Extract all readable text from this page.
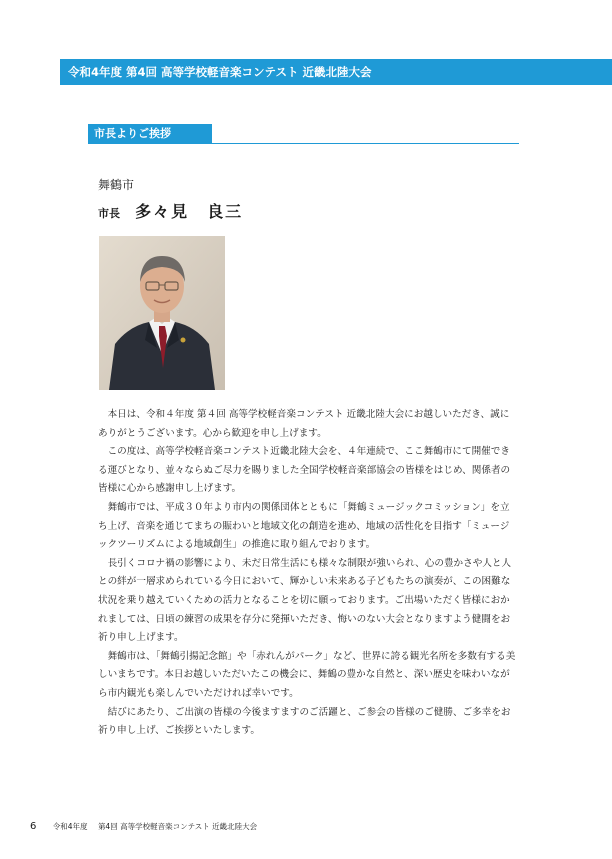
令和4年度 第4回 高等学校軽音楽コンテスト 近畿北陸大会
市長よりご挨拶
舞鶴市
市長 多々見　良三

本日は、令和４年度 第４回 高等学校軽音楽コンテスト 近畿北陸大会にお越しいただき、誠にありがとうございます。心から歓迎を申し上げます。

この度は、高等学校軽音楽コンテスト近畿北陸大会を、４年連続で、ここ舞鶴市にて開催できる運びとなり、並々ならぬご尽力を賜りました全国学校軽音楽部協会の皆様をはじめ、関係者の皆様に心から感謝申し上げます。

舞鶴市では、平成３０年より市内の関係団体とともに「舞鶴ミュージックコミッション」を立ち上げ、音楽を通じてまちの賑わいと地域文化の創造を進め、地域の活性化を目指す「ミュージックツーリズムによる地域創生」の推進に取り組んでおります。

長引くコロナ禍の影響により、未だ日常生活にも様々な制限が強いられ、心の豊かさや人と人との絆が一層求められている今日において、輝かしい未来ある子どもたちの演奏が、この困難な状況を乗り越えていくための活力となることを切に願っております。ご出場いただく皆様におかれましては、日頃の練習の成果を存分に発揮いただき、悔いのない大会となりますよう健闘をお祈り申し上げます。

舞鶴市は、「舞鶴引揚記念館」や「赤れんがパーク」など、世界に誇る観光名所を多数有する美しいまちです。本日お越しいただいたこの機会に、舞鶴の豊かな自然と、深い歴史を味わいながら市内観光も楽しんでいただければ幸いです。

結びにあたり、ご出演の皆様の今後ますますのご活躍と、ご参会の皆様のご健勝、ご多幸をお祈り申し上げ、ご挨拶といたします。

6 令和4年度 第4回 高等学校軽音楽コンテスト 近畿北陸大会
